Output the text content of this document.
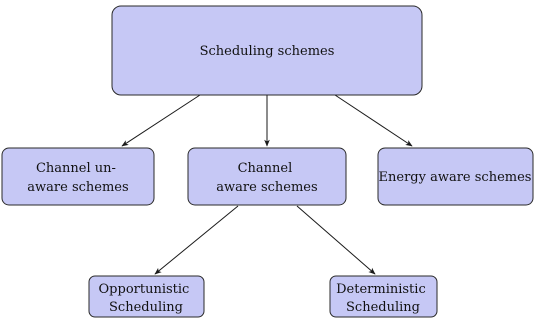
Scheduling schemes
Channel un- aware schemes
Channel aware schemes
Energy aware schemes
Opportunistic Scheduling
Deterministic Scheduling
